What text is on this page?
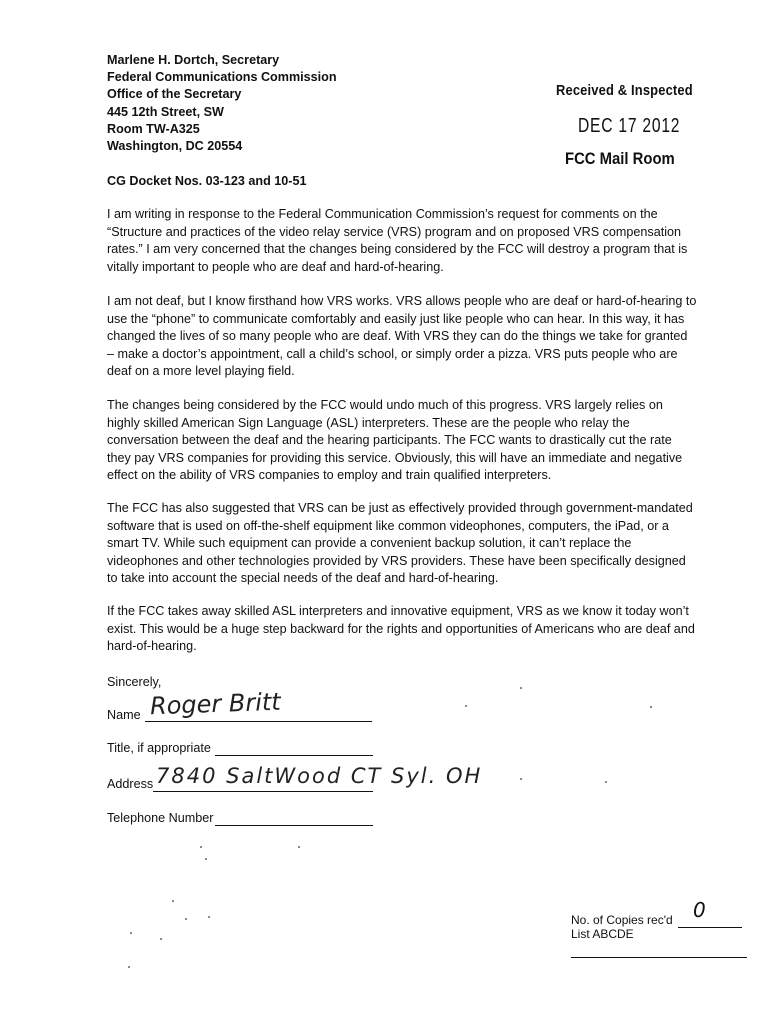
Marlene H. Dortch, Secretary
Federal Communications Commission
Office of the Secretary
445 12th Street, SW
Room TW-A325
Washington, DC 20554
CG Docket Nos. 03-123 and 10-51
Received & Inspected
DEC 17 2012
FCC Mail Room
I am writing in response to the Federal Communication Commission’s request for comments on the “Structure and practices of the video relay service (VRS) program and on proposed VRS compensation rates.” I am very concerned that the changes being considered by the FCC will destroy a program that is vitally important to people who are deaf and hard-of-hearing.
I am not deaf, but I know firsthand how VRS works. VRS allows people who are deaf or hard-of-hearing to use the “phone” to communicate comfortably and easily just like people who can hear. In this way, it has changed the lives of so many people who are deaf. With VRS they can do the things we take for granted – make a doctor’s appointment, call a child’s school, or simply order a pizza. VRS puts people who are deaf on a more level playing field.
The changes being considered by the FCC would undo much of this progress. VRS largely relies on highly skilled American Sign Language (ASL) interpreters. These are the people who relay the conversation between the deaf and the hearing participants. The FCC wants to drastically cut the rate they pay VRS companies for providing this service. Obviously, this will have an immediate and negative effect on the ability of VRS companies to employ and train qualified interpreters.
The FCC has also suggested that VRS can be just as effectively provided through government-mandated software that is used on off-the-shelf equipment like common videophones, computers, the iPad, or a smart TV. While such equipment can provide a convenient backup solution, it can’t replace the videophones and other technologies provided by VRS providers. These have been specifically designed to take into account the special needs of the deaf and hard-of-hearing.
If the FCC takes away skilled ASL interpreters and innovative equipment, VRS as we know it today won’t exist. This would be a huge step backward for the rights and opportunities of Americans who are deaf and hard-of-hearing.
Sincerely,
Name Roger Britt
Title, if appropriate
Address 7840 SaltWood CT Syl. OH
Telephone Number
No. of Copies rec'd
List ABCDE
0
